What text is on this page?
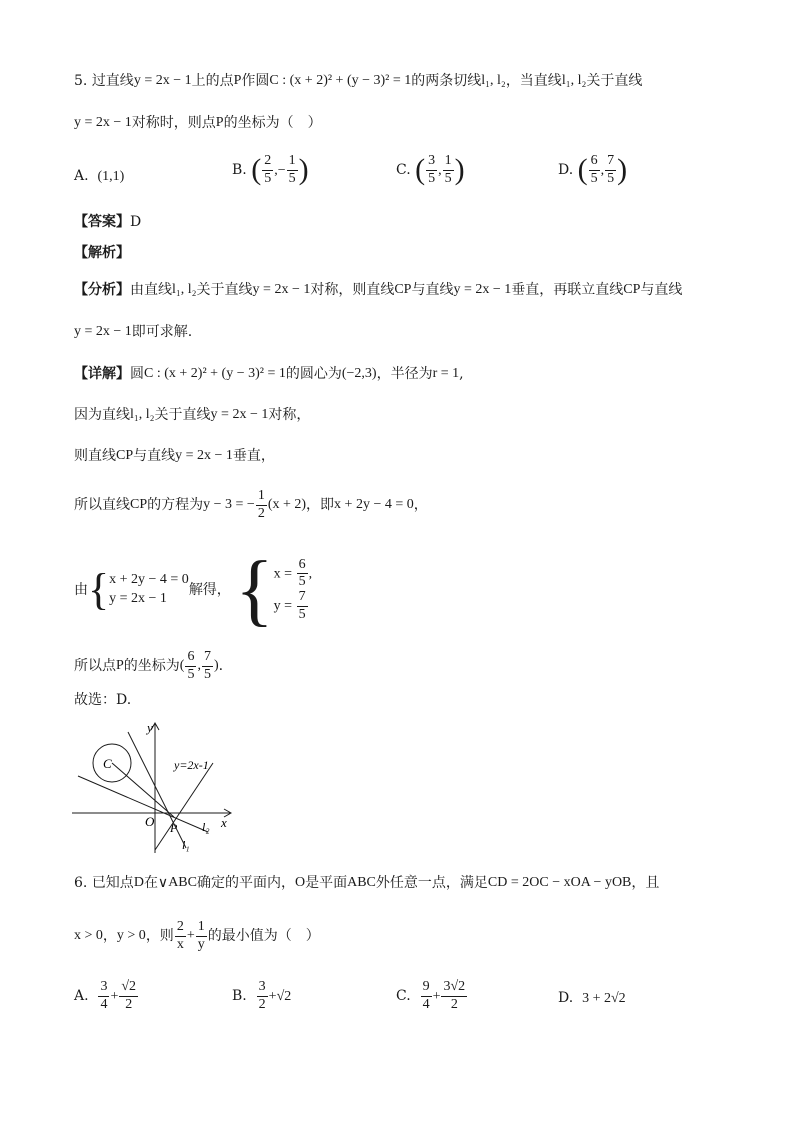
5. 过直线y = 2x − 1上的点P作圆C : (x + 2)² + (y − 3)² = 1的两条切线l₁, l₂，当直线l₁, l₂关于直线
y = 2x − 1对称时，则点P的坐标为（　）
A. (1,1)	B. ( $\frac{2}{5}$ ,− $\frac{1}{5}$ )	C. ( $\frac{3}{5}$ , $\frac{1}{5}$ )	D. ( $\frac{6}{5}$ , $\frac{7}{5}$ )
【答案】D
【解析】
【分析】由直线l₁, l₂关于直线y = 2x − 1对称，则直线CP与直线y = 2x − 1垂直，再联立直线CP与直线
y = 2x − 1即可求解.
【详解】圆C : (x + 2)² + (y − 3)² = 1的圆心为(−2,3)，半径为r = 1,
因为直线l₁, l₂关于直线y = 2x − 1对称，
则直线CP与直线y = 2x − 1垂直，
所以直线CP的方程为y − 3 = − $\frac{1}{2} (x + 2)$，即x + 2y − 4 = 0，
由{ x + 2y − 4 = 0
y = 2x − 1
解得， { $x = \frac{6}{5}$ ,
$y = \frac{7}{5}$
所以点P的坐标为( $\frac{6}{5}$ , $\frac{7}{5}$ ).
故选：D.
y
x
O
C
P
y=2x-1
l₂
l₁
6. 已知点D在∨ABC确定的平面内，O是平面ABC外任意一点，满足CD = 2OC − xOA − yOB，且
x > 0，y > 0，则 $\frac{2}{x} + \frac{1}{y}$ 的最小值为（　）
A. $\frac{3}{4} + \frac{√2}{2}$	B. $\frac{3}{2} +√2$	C. $\frac{9}{4} + \frac{3√2}{2}$	D. 3 + 2√2
